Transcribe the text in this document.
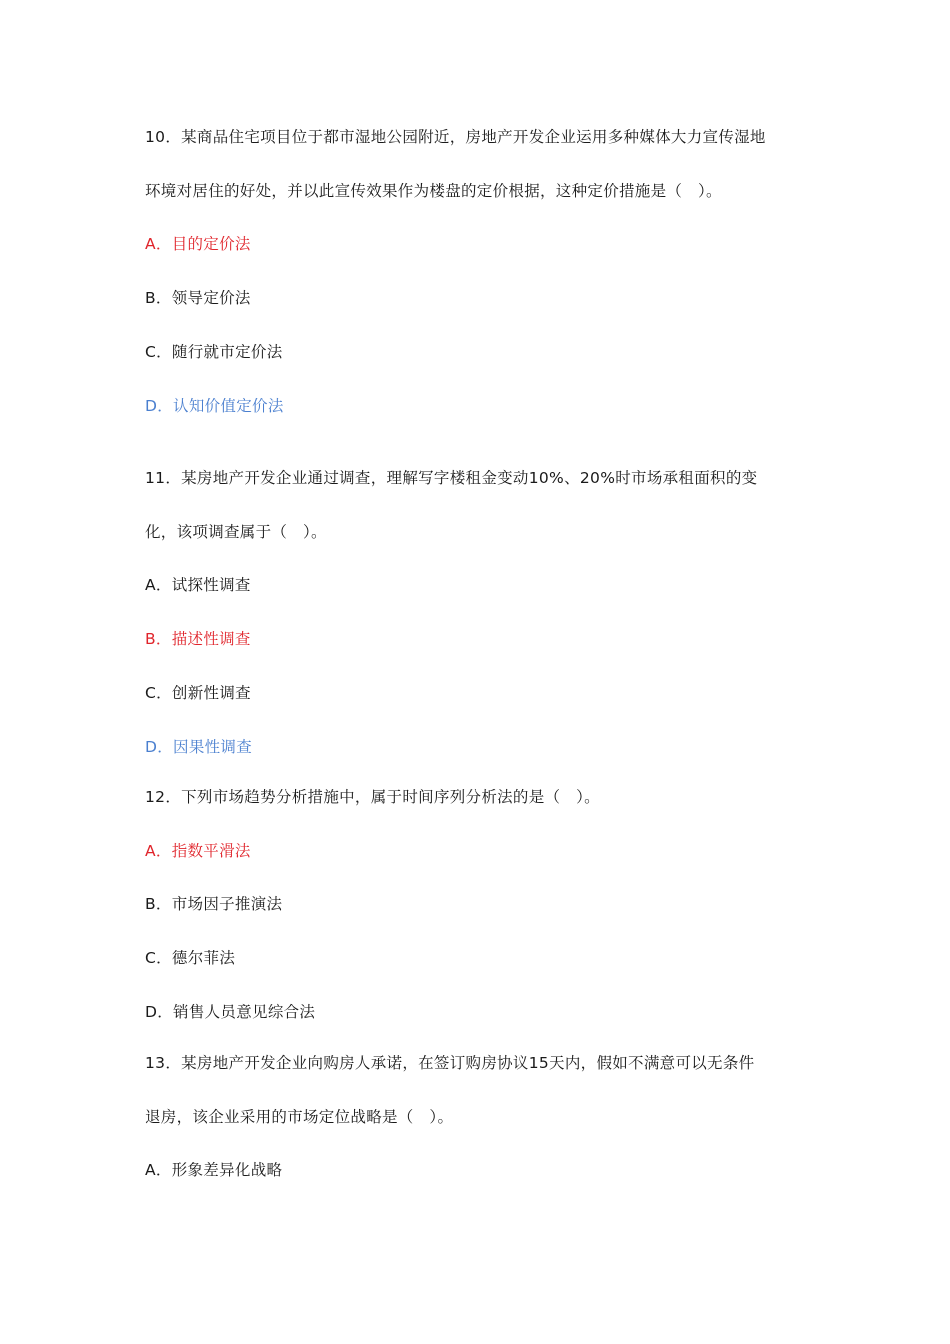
10．某商品住宅项目位于都市湿地公园附近，房地产开发企业运用多种媒体大力宣传湿地
环境对居住的好处，并以此宣传效果作为楼盘的定价根据，这种定价措施是（　）。
A．目的定价法
B．领导定价法
C．随行就市定价法
D．认知价值定价法
11．某房地产开发企业通过调查，理解写字楼租金变动10%、20%时市场承租面积的变
化，该项调查属于（　）。
A．试探性调查
B．描述性调查
C．创新性调查
D．因果性调查
12．下列市场趋势分析措施中，属于时间序列分析法的是（　）。
A．指数平滑法
B．市场因子推演法
C．德尔菲法
D．销售人员意见综合法
13．某房地产开发企业向购房人承诺，在签订购房协议15天内，假如不满意可以无条件
退房，该企业采用的市场定位战略是（　）。
A．形象差异化战略
